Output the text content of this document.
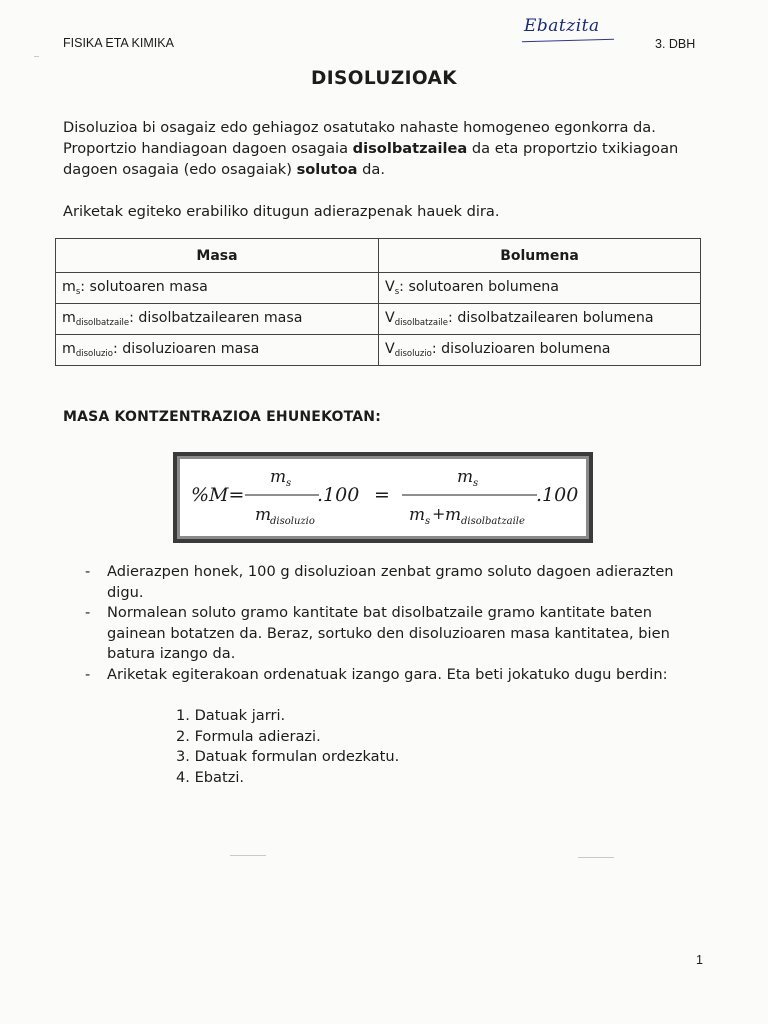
FISIKA ETA KIMIKA
Ebatzita
3. DBH
DISOLUZIOAK

Disoluzioa bi osagaiz edo gehiagoz osatutako nahaste homogeneo egonkorra da. Proportzio handiagoan dagoen osagaia disolbatzailea da eta proportzio txikiagoan dagoen osagaia (edo osagaiak) solutoa da.

Ariketak egiteko erabiliko ditugun adierazpenak hauek dira.

Masa	Bolumena
$m_s$: solutoaren masa	$V_s$: solutoaren bolumena
$m_{disolbatzaile}$: disolbatzailearen masa	$V_{disolbatzaile}$: disolbatzailearen bolumena
$m_{disoluzio}$: disoluzioaren masa	$V_{disoluzio}$: disoluzioaren bolumena
MASA KONTZENTRAZIOA EHUNEKOTAN:
%M=
m s
m
disoluzio
.100 =
m s
m s + m disolbatzaile
.100
- Adierazpen honek, 100 g disoluzioan zenbat gramo soluto dagoen adierazten digu.
- Normalean soluto gramo kantitate bat disolbatzaile gramo kantitate baten gainean botatzen da. Beraz, sortuko den disoluzioaren masa kantitatea, bien batura izango da.
- Ariketak egiterakoan ordenatuak izango gara. Eta beti jokatuko dugu berdin:
1. Datuak jarri.
2. Formula adierazi.
3. Datuak formulan ordezkatu.
4. Ebatzi.
1
